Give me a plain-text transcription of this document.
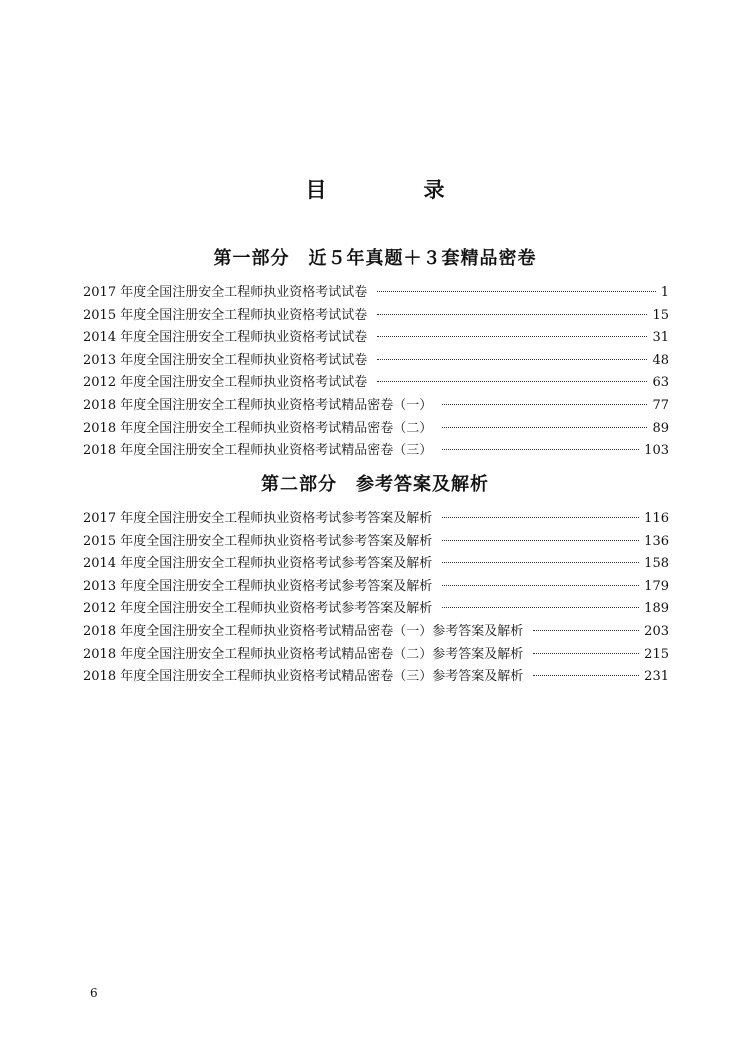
目　录
第一部分　近５年真题＋３套精品密卷
2017 年度全国注册安全工程师执业资格考试试卷	1
2015 年度全国注册安全工程师执业资格考试试卷	15
2014 年度全国注册安全工程师执业资格考试试卷	31
2013 年度全国注册安全工程师执业资格考试试卷	48
2012 年度全国注册安全工程师执业资格考试试卷	63
2018 年度全国注册安全工程师执业资格考试精品密卷（一）	77
2018 年度全国注册安全工程师执业资格考试精品密卷（二）	89
2018 年度全国注册安全工程师执业资格考试精品密卷（三）	103
第二部分　参考答案及解析
2017 年度全国注册安全工程师执业资格考试参考答案及解析	116
2015 年度全国注册安全工程师执业资格考试参考答案及解析	136
2014 年度全国注册安全工程师执业资格考试参考答案及解析	158
2013 年度全国注册安全工程师执业资格考试参考答案及解析	179
2012 年度全国注册安全工程师执业资格考试参考答案及解析	189
2018 年度全国注册安全工程师执业资格考试精品密卷（一）参考答案及解析	203
2018 年度全国注册安全工程师执业资格考试精品密卷（二）参考答案及解析	215
2018 年度全国注册安全工程师执业资格考试精品密卷（三）参考答案及解析	231
6
